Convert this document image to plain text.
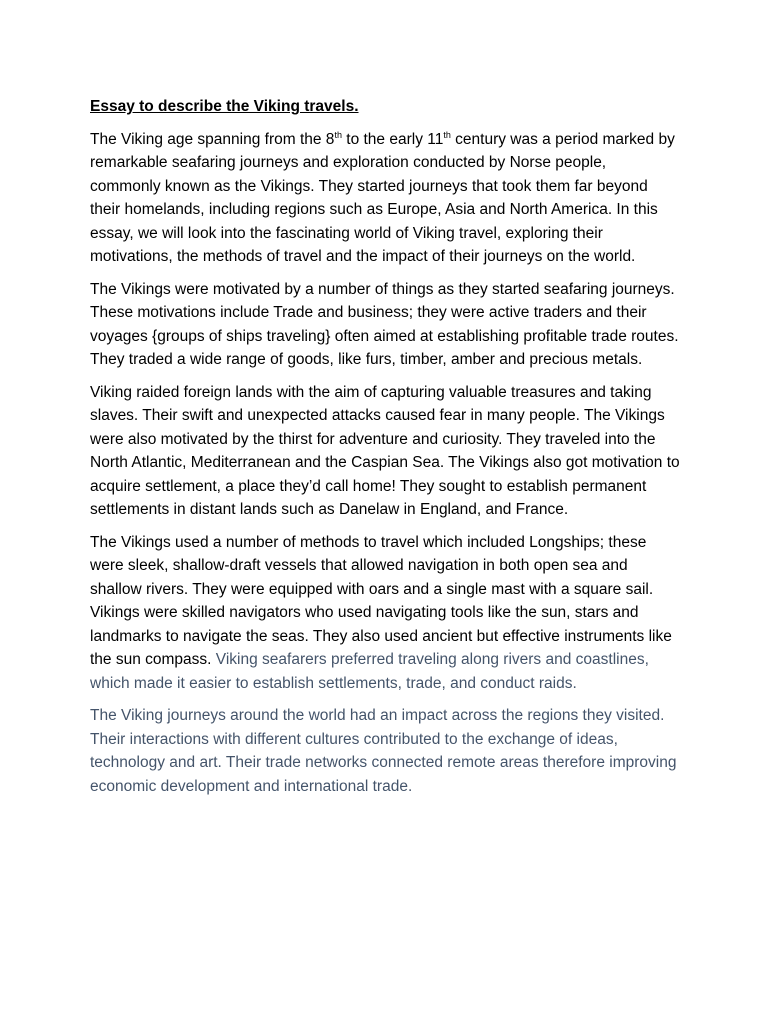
Essay to describe the Viking travels.

The Viking age spanning from the 8th to the early 11th century was a period marked by remarkable seafaring journeys and exploration conducted by Norse people, commonly known as the Vikings. They started journeys that took them far beyond their homelands, including regions such as Europe, Asia and North America. In this essay, we will look into the fascinating world of Viking travel, exploring their motivations, the methods of travel and the impact of their journeys on the world.

The Vikings were motivated by a number of things as they started seafaring journeys. These motivations include Trade and business; they were active traders and their voyages {groups of ships traveling} often aimed at establishing profitable trade routes. They traded a wide range of goods, like furs, timber, amber and precious metals.

Viking raided foreign lands with the aim of capturing valuable treasures and taking slaves. Their swift and unexpected attacks caused fear in many people. The Vikings were also motivated by the thirst for adventure and curiosity. They traveled into the North Atlantic, Mediterranean and the Caspian Sea. The Vikings also got motivation to acquire settlement, a place they’d call home! They sought to establish permanent settlements in distant lands such as Danelaw in England, and France.

The Vikings used a number of methods to travel which included Longships; these were sleek, shallow-draft vessels that allowed navigation in both open sea and shallow rivers. They were equipped with oars and a single mast with a square sail. Vikings were skilled navigators who used navigating tools like the sun, stars and landmarks to navigate the seas. They also used ancient but effective instruments like the sun compass. Viking seafarers preferred traveling along rivers and coastlines, which made it easier to establish settlements, trade, and conduct raids.

The Viking journeys around the world had an impact across the regions they visited. Their interactions with different cultures contributed to the exchange of ideas, technology and art. Their trade networks connected remote areas therefore improving economic development and international trade.
